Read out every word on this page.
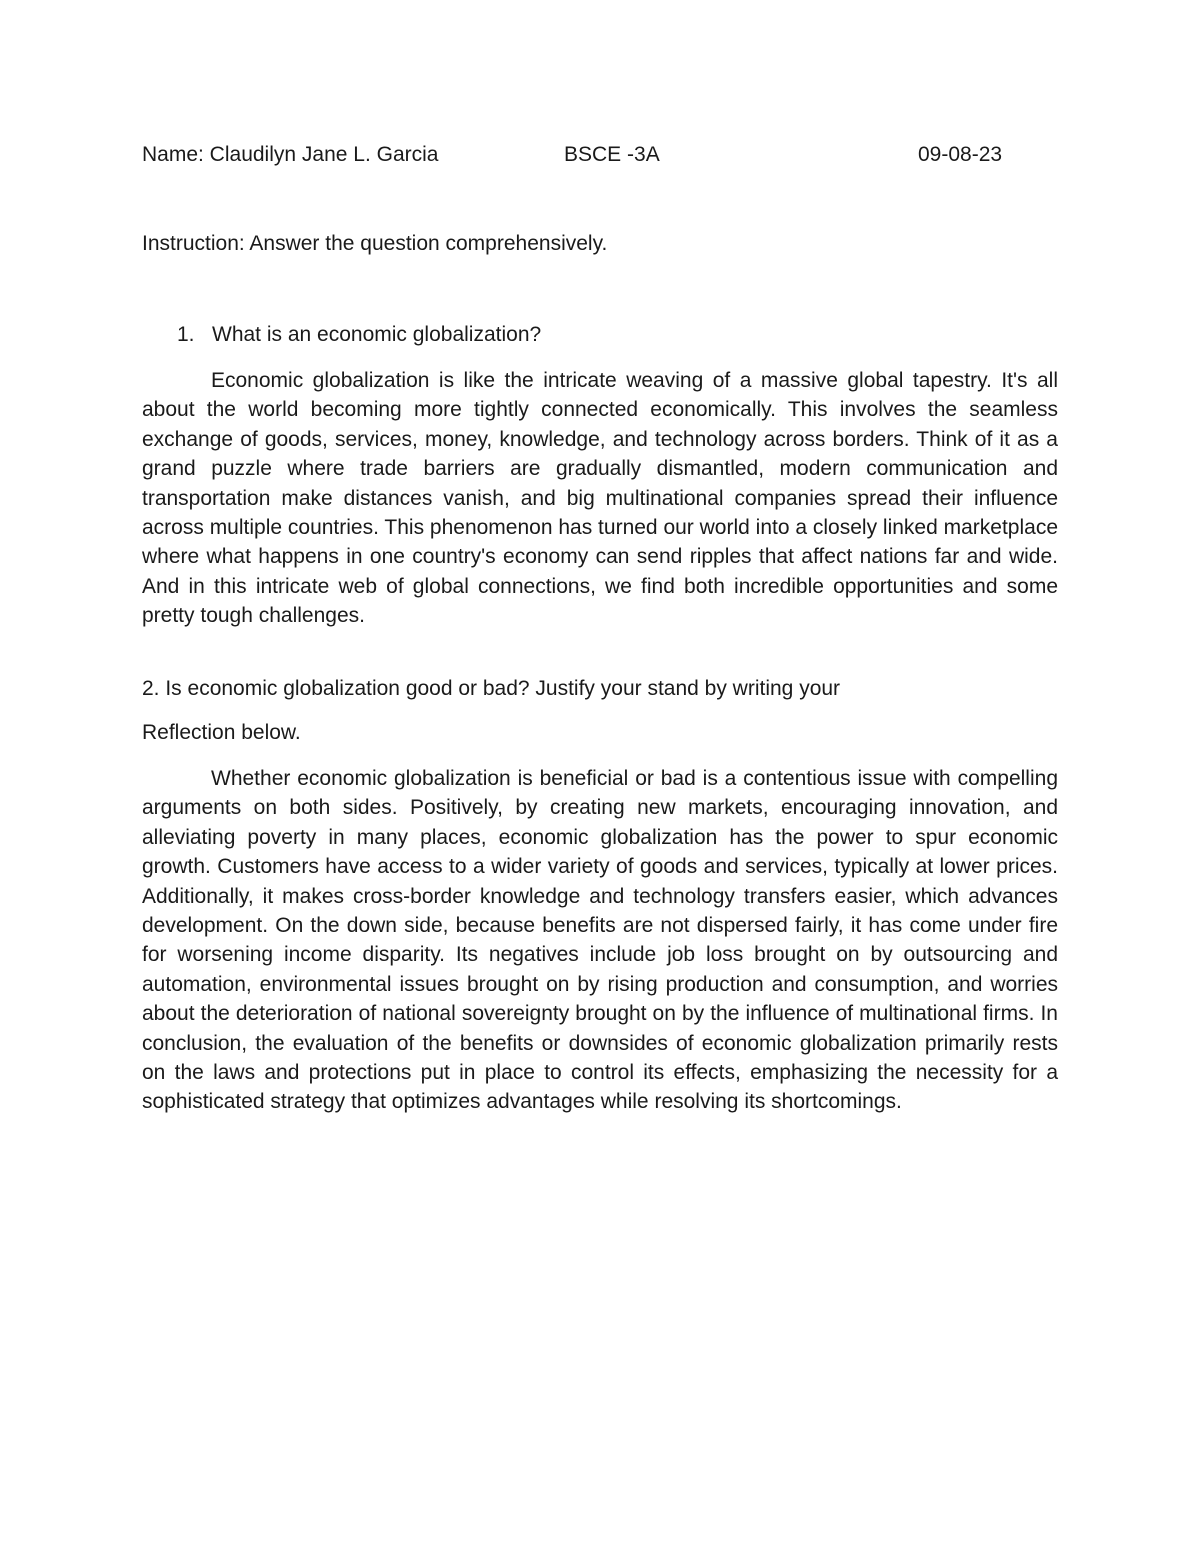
Name: Claudilyn Jane L. Garcia	BSCE -3A	09-08-23
Instruction: Answer the question comprehensively.
1. What is an economic globalization?

Economic globalization is like the intricate weaving of a massive global tapestry. It's all about the world becoming more tightly connected economically. This involves the seamless exchange of goods, services, money, knowledge, and technology across borders. Think of it as a grand puzzle where trade barriers are gradually dismantled, modern communication and transportation make distances vanish, and big multinational companies spread their influence across multiple countries. This phenomenon has turned our world into a closely linked marketplace where what happens in one country's economy can send ripples that affect nations far and wide. And in this intricate web of global connections, we find both incredible opportunities and some pretty tough challenges.

2. Is economic globalization good or bad? Justify your stand by writing your
Reflection below.

Whether economic globalization is beneficial or bad is a contentious issue with compelling arguments on both sides. Positively, by creating new markets, encouraging innovation, and alleviating poverty in many places, economic globalization has the power to spur economic growth. Customers have access to a wider variety of goods and services, typically at lower prices. Additionally, it makes cross-border knowledge and technology transfers easier, which advances development. On the down side, because benefits are not dispersed fairly, it has come under fire for worsening income disparity. Its negatives include job loss brought on by outsourcing and automation, environmental issues brought on by rising production and consumption, and worries about the deterioration of national sovereignty brought on by the influence of multinational firms. In conclusion, the evaluation of the benefits or downsides of economic globalization primarily rests on the laws and protections put in place to control its effects, emphasizing the necessity for a sophisticated strategy that optimizes advantages while resolving its shortcomings.
